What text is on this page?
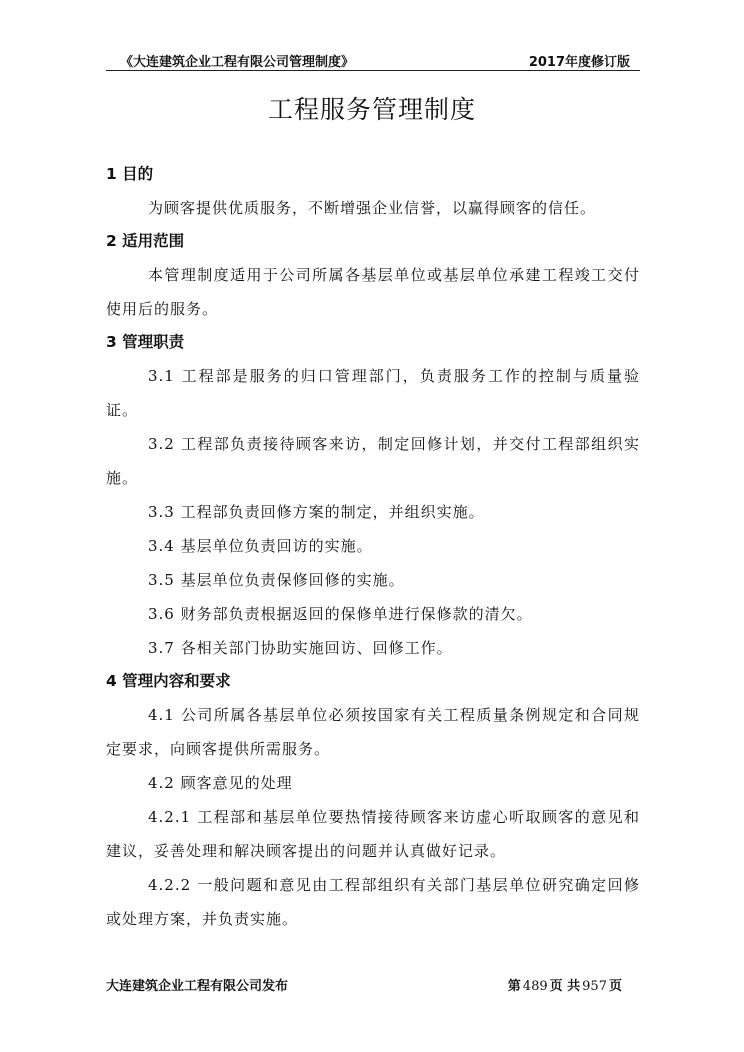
《大连建筑企业工程有限公司管理制度》	2017年度修订版
工程服务管理制度
1 目的
为顾客提供优质服务，不断增强企业信誉，以赢得顾客的信任。
2 适用范围
本管理制度适用于公司所属各基层单位或基层单位承建工程竣工交付使用后的服务。
3 管理职责
3.1 工程部是服务的归口管理部门，负责服务工作的控制与质量验证。
3.2 工程部负责接待顾客来访，制定回修计划，并交付工程部组织实施。
3.3 工程部负责回修方案的制定，并组织实施。
3.4 基层单位负责回访的实施。
3.5 基层单位负责保修回修的实施。
3.6 财务部负责根据返回的保修单进行保修款的清欠。
3.7 各相关部门协助实施回访、回修工作。
4 管理内容和要求
4.1 公司所属各基层单位必须按国家有关工程质量条例规定和合同规定要求，向顾客提供所需服务。
4.2 顾客意见的处理
4.2.1 工程部和基层单位要热情接待顾客来访虚心听取顾客的意见和建议，妥善处理和解决顾客提出的问题并认真做好记录。
4.2.2 一般问题和意见由工程部组织有关部门基层单位研究确定回修或处理方案，并负责实施。
大连建筑企业工程有限公司发布	第 489 页 共 957 页
